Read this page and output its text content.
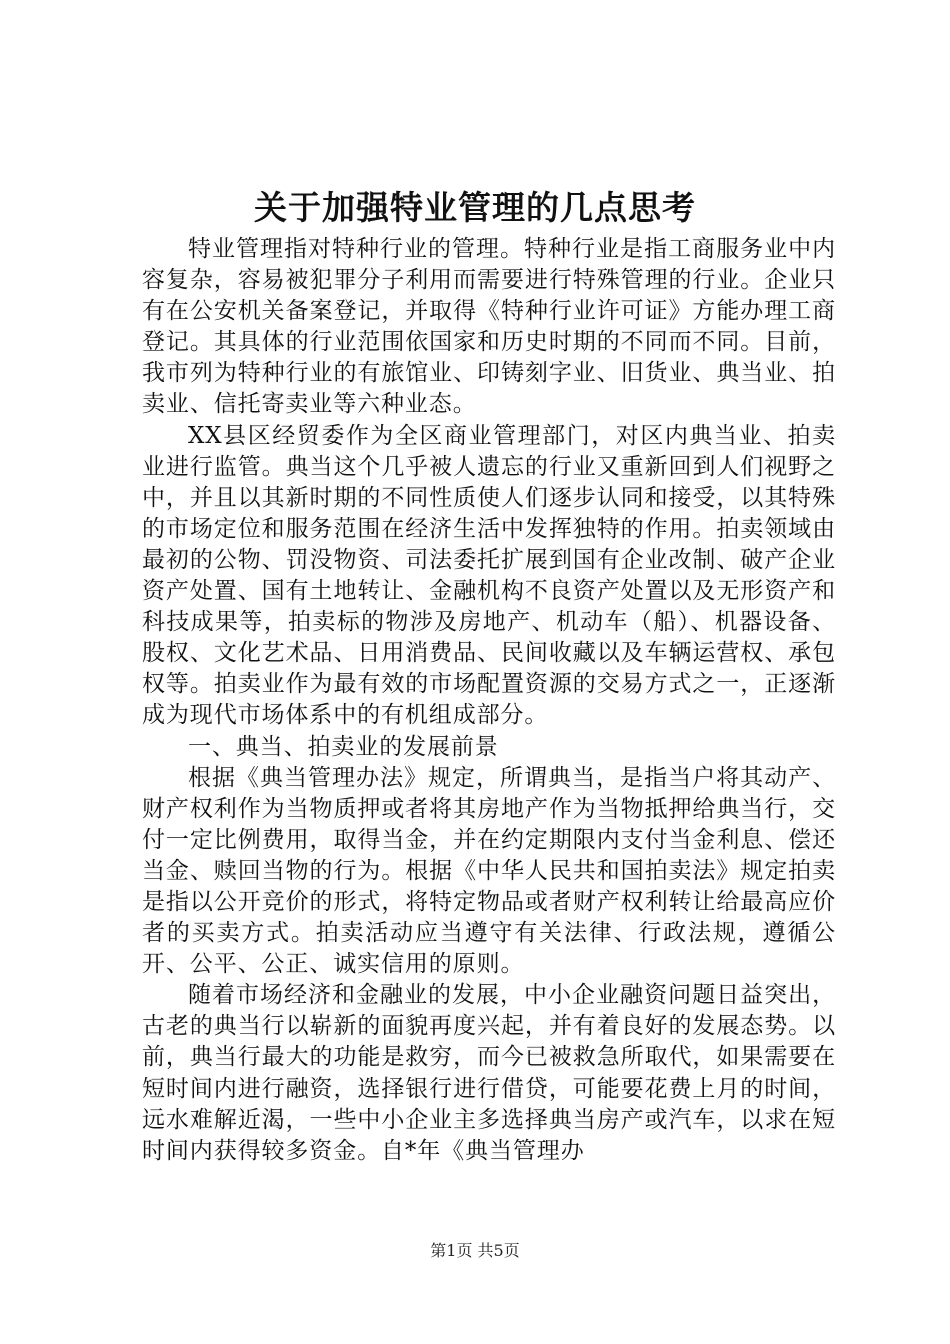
关于加强特业管理的几点思考

特业管理指对特种行业的管理。特种行业是指工商服务业中内容复杂，容易被犯罪分子利用而需要进行特殊管理的行业。企业只有在公安机关备案登记，并取得《特种行业许可证》方能办理工商登记。其具体的行业范围依国家和历史时期的不同而不同。目前，我市列为特种行业的有旅馆业、印铸刻字业、旧货业、典当业、拍卖业、信托寄卖业等六种业态。

XX县区经贸委作为全区商业管理部门，对区内典当业、拍卖业进行监管。典当这个几乎被人遗忘的行业又重新回到人们视野之中，并且以其新时期的不同性质使人们逐步认同和接受，以其特殊的市场定位和服务范围在经济生活中发挥独特的作用。拍卖领域由最初的公物、罚没物资、司法委托扩展到国有企业改制、破产企业资产处置、国有土地转让、金融机构不良资产处置以及无形资产和科技成果等，拍卖标的物涉及房地产、机动车（船）、机器设备、股权、文化艺术品、日用消费品、民间收藏以及车辆运营权、承包权等。拍卖业作为最有效的市场配置资源的交易方式之一，正逐渐成为现代市场体系中的有机组成部分。

一、典当、拍卖业的发展前景

根据《典当管理办法》规定，所谓典当，是指当户将其动产、财产权利作为当物质押或者将其房地产作为当物抵押给典当行，交付一定比例费用，取得当金，并在约定期限内支付当金利息、偿还当金、赎回当物的行为。根据《中华人民共和国拍卖法》规定拍卖是指以公开竞价的形式，将特定物品或者财产权利转让给最高应价者的买卖方式。拍卖活动应当遵守有关法律、行政法规，遵循公开、公平、公正、诚实信用的原则。

随着市场经济和金融业的发展，中小企业融资问题日益突出，古老的典当行以崭新的面貌再度兴起，并有着良好的发展态势。以前，典当行最大的功能是救穷，而今已被救急所取代，如果需要在短时间内进行融资，选择银行进行借贷，可能要花费上月的时间，远水难解近渴，一些中小企业主多选择典当房产或汽车，以求在短时间内获得较多资金。自*年《典当管理办

第1页 共5页
